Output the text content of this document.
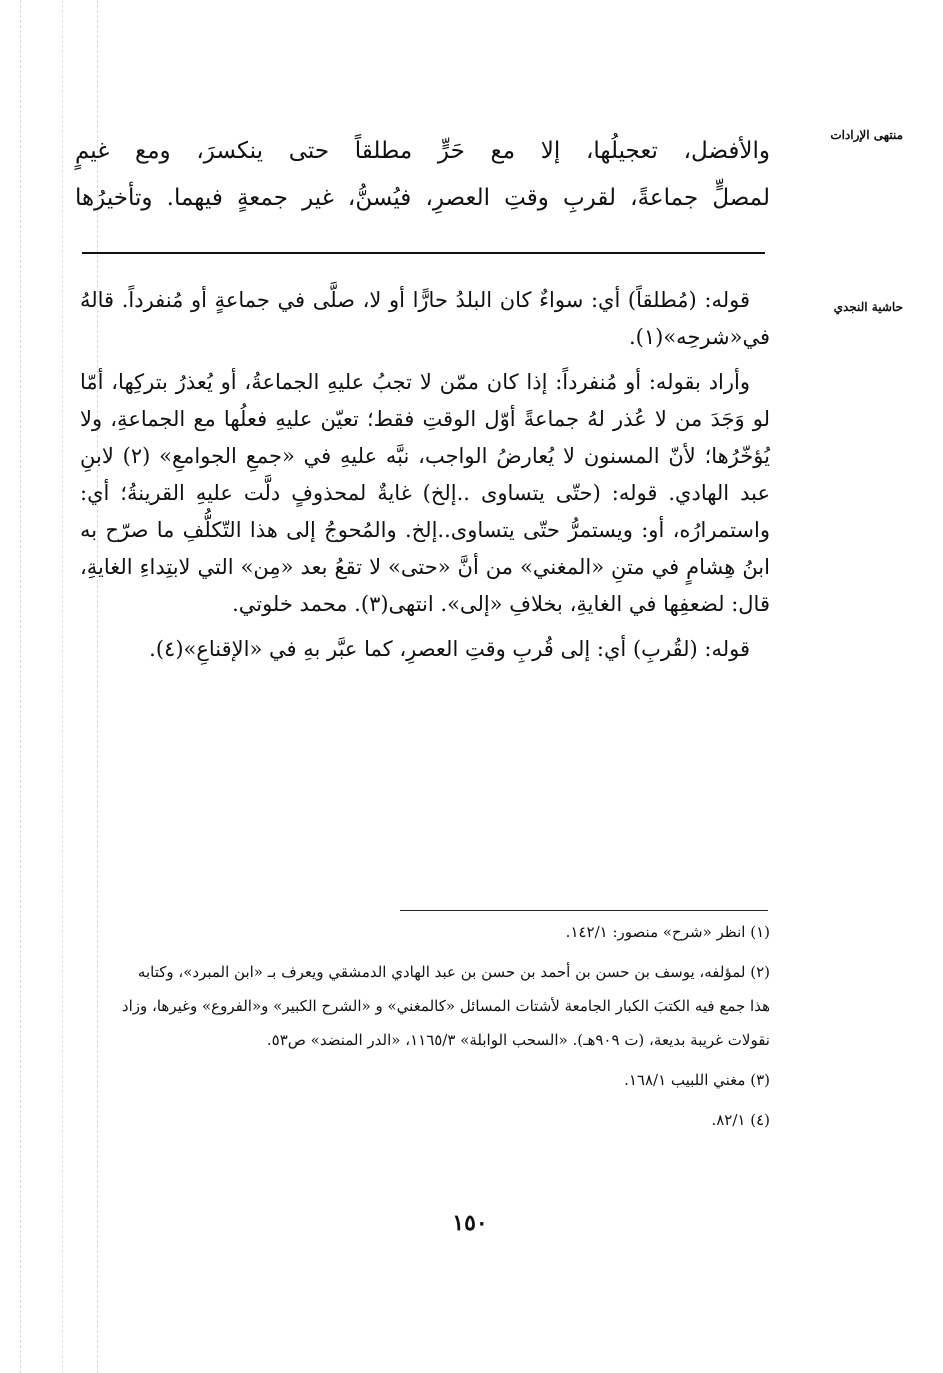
منتهى الإرادات
حاشية النجدي

والأفضل، تعجيلُها، إلا مع حَرٍّ مطلقاً حتى ينكسرَ، ومع غيمٍ

لمصلٍّ جماعةً، لقربِ وقتِ العصرِ، فيُسنُّ، غير جمعةٍ فيهما. وتأخيرُها

قوله: (مُطلقاً) أي: سواءٌ كان البلدُ حارًّا أو لا، صلَّى في جماعةٍ أو مُنفرداً. قالهُ في«شرحِه»(١).

وأراد بقوله: أو مُنفرداً: إذا كان ممّن لا تجبُ عليهِ الجماعةُ، أو يُعذرُ بتركِها، أمّا لو وَجَدَ من لا عُذر لهُ جماعةً أوّل الوقتِ فقط؛ تعيّن عليهِ فعلُها مع الجماعةِ، ولا يُؤخّرُها؛ لأنّ المسنون لا يُعارضُ الواجب، نبَّه عليهِ في «جمعِ الجوامعِ» (٢) لابنِ عبد الهادي. قوله: (حتّى يتساوى ..إلخ) غايةٌ لمحذوفٍ دلَّت عليهِ القرينةُ؛ أي: واستمرارُه، أو: ويستمرُّ حتّى يتساوى..إلخ. والمُحوجُ إلى هذا التّكلُّفِ ما صرّح به ابنُ هِشامٍ في متنِ «المغني» من أنَّ «حتى» لا تقعُ بعد «مِن» التي لابتِداءِ الغايةِ، قال: لضعفِها في الغايةِ، بخلافِ «إلى». انتهى(٣). محمد خلوتي.

قوله: (لقُربِ) أي: إلى قُربِ وقتِ العصرِ، كما عبَّر بهِ في «الإقناعِ»(٤).

(١) انظر «شرح» منصور: ١٤٢/١.

(٢) لمؤلفه، يوسف بن حسن بن أحمد بن حسن بن عبد الهادي الدمشقي ويعرف بـ «ابن المبرد»، وكتابه هذا جمع فيه الكتبَ الكبار الجامعة لأشتات المسائل «كالمغني» و «الشرح الكبير» و«الفروع» وغيرها، وزاد نقولات غريبة بديعة، (ت ٩٠٩هـ). «السحب الوابلة» ١١٦٥/٣، «الدر المنضد» ص٥٣.

(٣) مغني اللبيب ١٦٨/١.

(٤) ٨٢/١.

١٥٠
